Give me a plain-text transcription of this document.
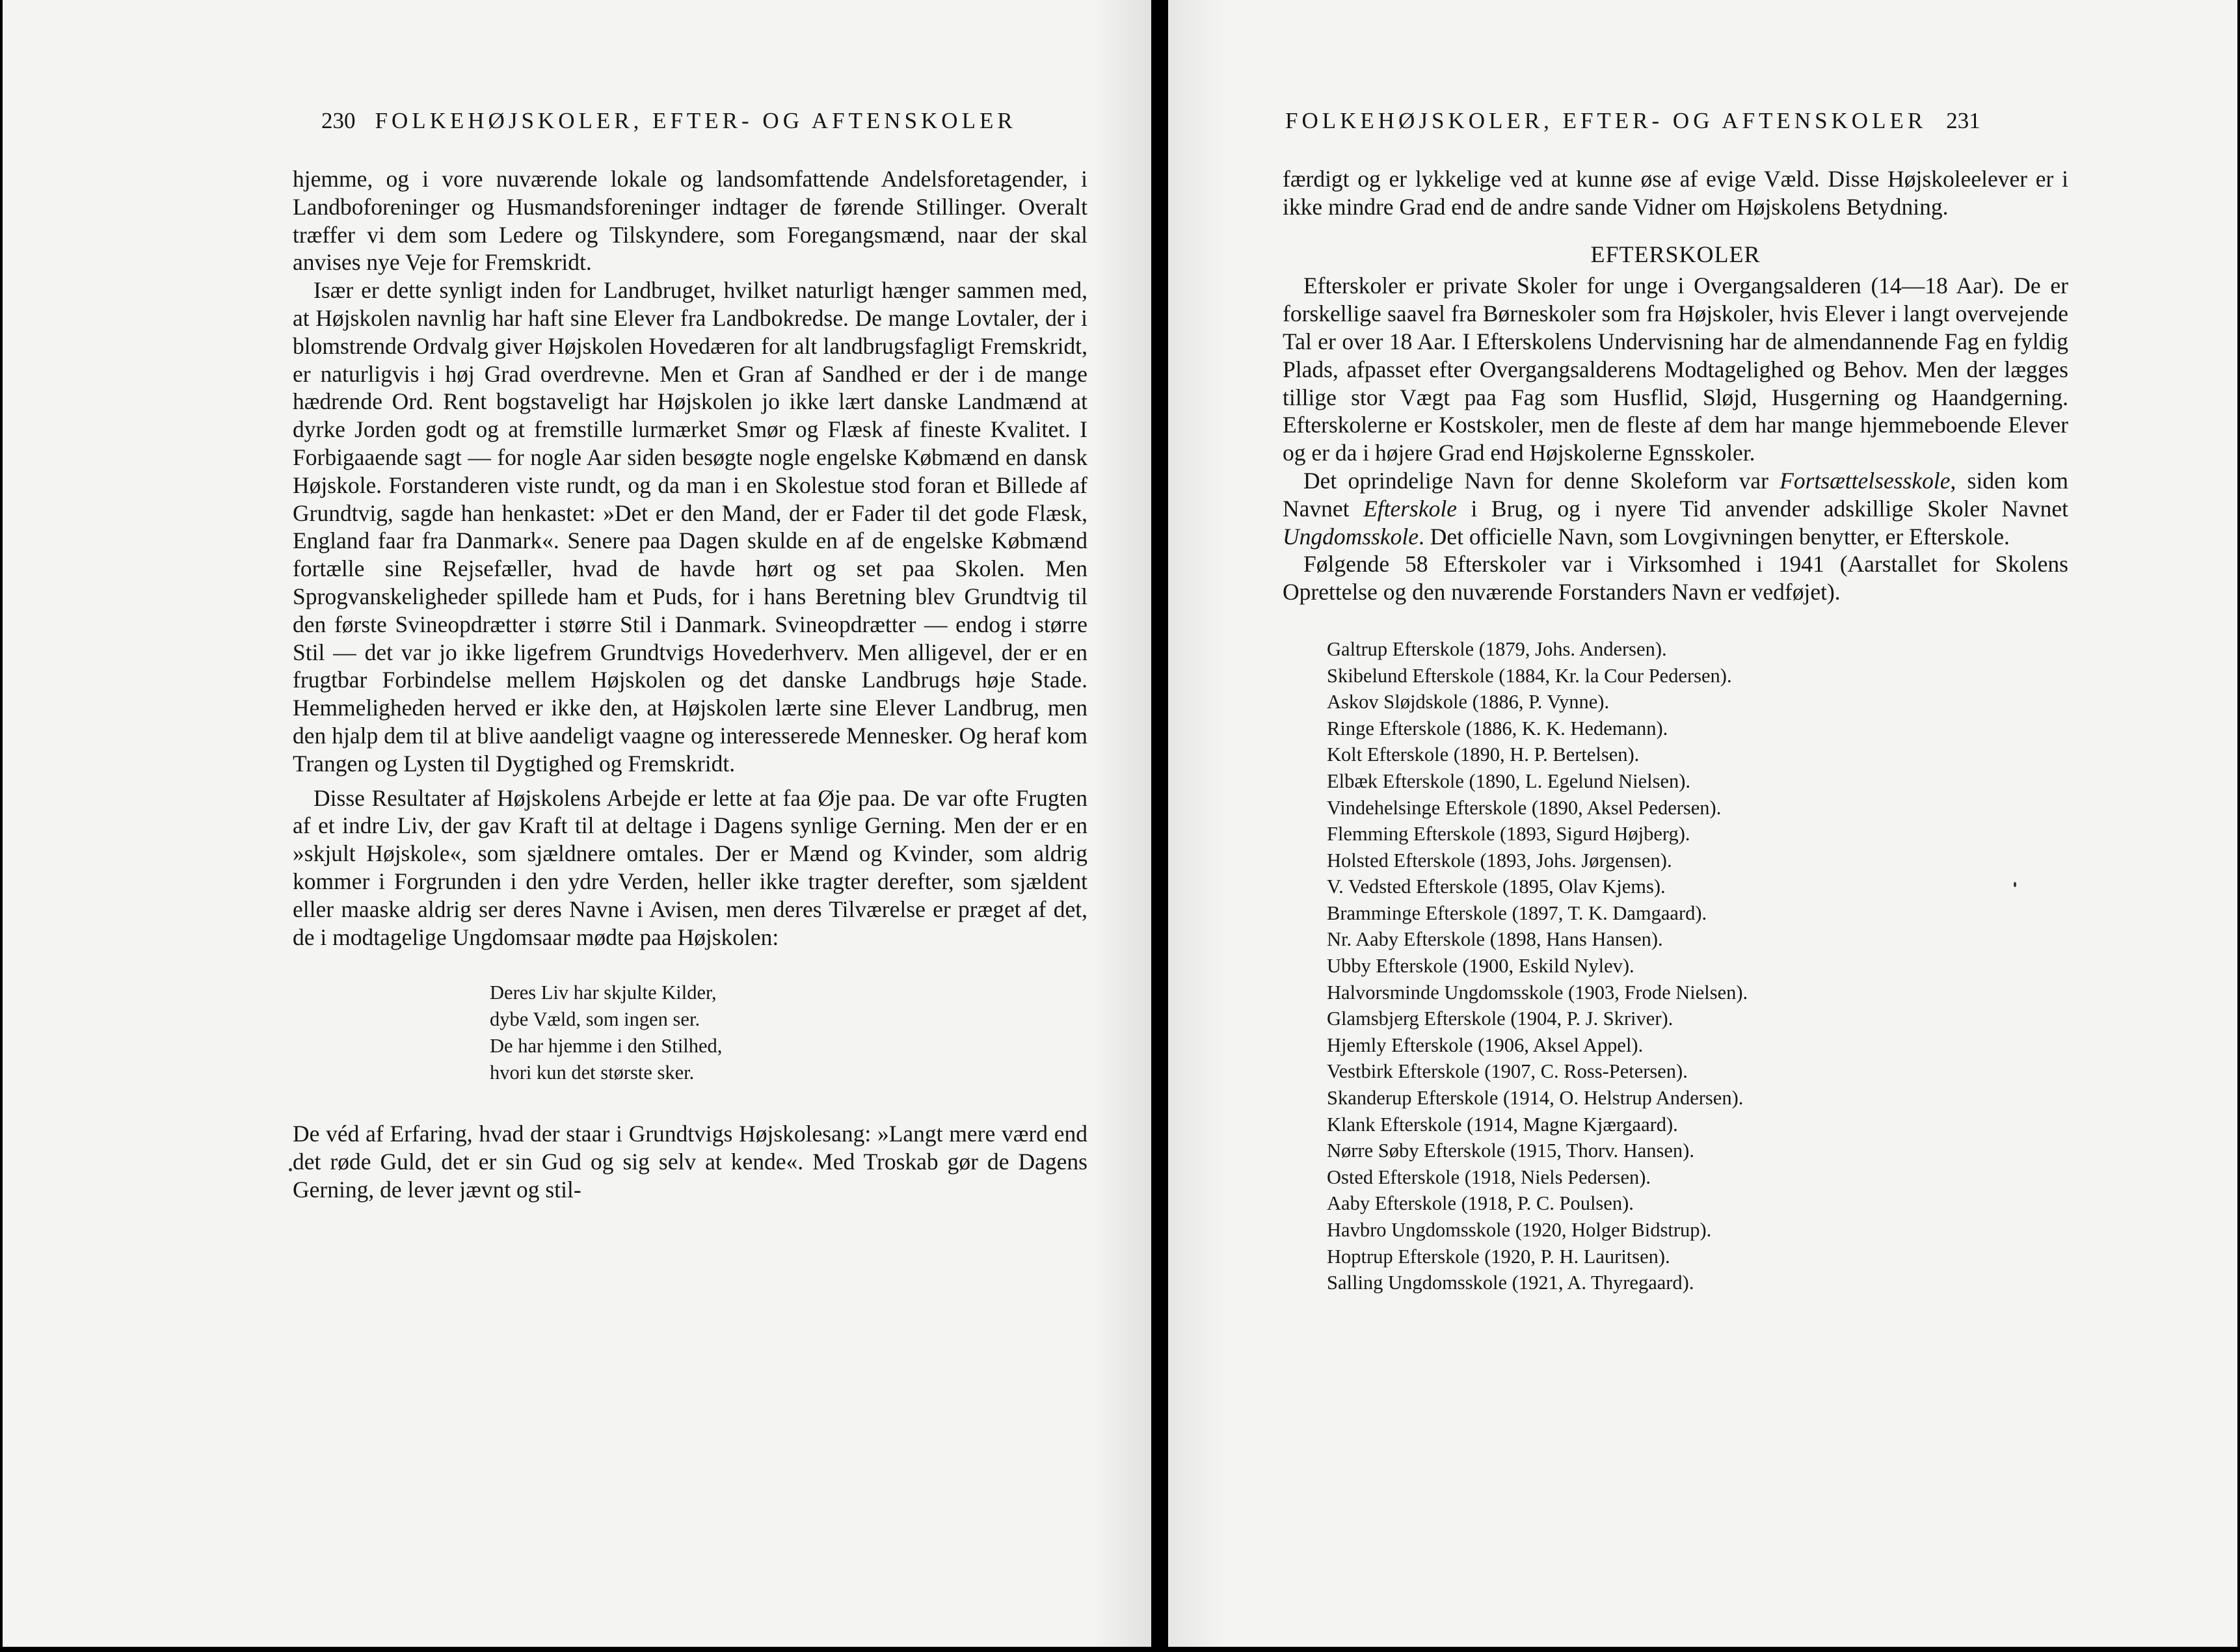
230 FOLKEHØJSKOLER, EFTER- OG AFTENSKOLER

hjemme, og i vore nuværende lokale og landsomfattende Andelsforetagender, i Landboforeninger og Husmandsforeninger indtager de førende Stillinger. Overalt træffer vi dem som Ledere og Tilskyndere, som Foregangsmænd, naar der skal anvises nye Veje for Fremskridt.

Især er dette synligt inden for Landbruget, hvilket naturligt hænger sammen med, at Højskolen navnlig har haft sine Elever fra Landbokredse. De mange Lovtaler, der i blomstrende Ordvalg giver Højskolen Hovedæren for alt landbrugsfagligt Fremskridt, er naturligvis i høj Grad overdrevne. Men et Gran af Sandhed er der i de mange hædrende Ord. Rent bogstaveligt har Højskolen jo ikke lært danske Landmænd at dyrke Jorden godt og at fremstille lurmærket Smør og Flæsk af fineste Kvalitet. I Forbigaaende sagt — for nogle Aar siden besøgte nogle engelske Købmænd en dansk Højskole. Forstanderen viste rundt, og da man i en Skolestue stod foran et Billede af Grundtvig, sagde han henkastet: »Det er den Mand, der er Fader til det gode Flæsk, England faar fra Danmark«. Senere paa Dagen skulde en af de engelske Købmænd fortælle sine Rejsefæller, hvad de havde hørt og set paa Skolen. Men Sprogvanskeligheder spillede ham et Puds, for i hans Beretning blev Grundtvig til den første Svineopdrætter i større Stil i Danmark. Svineopdrætter — endog i større Stil — det var jo ikke ligefrem Grundtvigs Hovederhverv. Men alligevel, der er en frugtbar Forbindelse mellem Højskolen og det danske Landbrugs høje Stade. Hemmeligheden herved er ikke den, at Højskolen lærte sine Elever Landbrug, men den hjalp dem til at blive aandeligt vaagne og interesserede Mennesker. Og heraf kom Trangen og Lysten til Dygtighed og Fremskridt.

Disse Resultater af Højskolens Arbejde er lette at faa Øje paa. De var ofte Frugten af et indre Liv, der gav Kraft til at deltage i Dagens synlige Gerning. Men der er en »skjult Højskole«, som sjældnere omtales. Der er Mænd og Kvinder, som aldrig kommer i Forgrunden i den ydre Verden, heller ikke tragter derefter, som sjældent eller maaske aldrig ser deres Navne i Avisen, men deres Tilværelse er præget af det, de i modtagelige Ungdomsaar mødte paa Højskolen:

Deres Liv har skjulte Kilder,
dybe Væld, som ingen ser.
De har hjemme i den Stilhed,
hvori kun det største sker.

De véd af Erfaring, hvad der staar i Grundtvigs Højskolesang: »Langt mere værd end det røde Guld, det er sin Gud og sig selv at kende«. Med Troskab gør de Dagens Gerning, de lever jævnt og stil-

FOLKEHØJSKOLER, EFTER- OG AFTENSKOLER 231

færdigt og er lykkelige ved at kunne øse af evige Væld. Disse Højskoleelever er i ikke mindre Grad end de andre sande Vidner om Højskolens Betydning.

EFTERSKOLER

Efterskoler er private Skoler for unge i Overgangsalderen (14—18 Aar). De er forskellige saavel fra Børneskoler som fra Højskoler, hvis Elever i langt overvejende Tal er over 18 Aar. I Efterskolens Undervisning har de almendannende Fag en fyldig Plads, afpasset efter Overgangsalderens Modtagelighed og Behov. Men der lægges tillige stor Vægt paa Fag som Husflid, Sløjd, Husgerning og Haandgerning. Efterskolerne er Kostskoler, men de fleste af dem har mange hjemmeboende Elever og er da i højere Grad end Højskolerne Egnsskoler.

Det oprindelige Navn for denne Skoleform var Fortsættelsesskole, siden kom Navnet Efterskole i Brug, og i nyere Tid anvender adskillige Skoler Navnet Ungdomsskole. Det officielle Navn, som Lovgivningen benytter, er Efterskole.

Følgende 58 Efterskoler var i Virksomhed i 1941 (Aarstallet for Skolens Oprettelse og den nuværende Forstanders Navn er vedføjet).

Galtrup Efterskole (1879, Johs. Andersen).
Skibelund Efterskole (1884, Kr. la Cour Pedersen).
Askov Sløjdskole (1886, P. Vynne).
Ringe Efterskole (1886, K. K. Hedemann).
Kolt Efterskole (1890, H. P. Bertelsen).
Elbæk Efterskole (1890, L. Egelund Nielsen).
Vindehelsinge Efterskole (1890, Aksel Pedersen).
Flemming Efterskole (1893, Sigurd Højberg).
Holsted Efterskole (1893, Johs. Jørgensen).
V. Vedsted Efterskole (1895, Olav Kjems).
Bramminge Efterskole (1897, T. K. Damgaard).
Nr. Aaby Efterskole (1898, Hans Hansen).
Ubby Efterskole (1900, Eskild Nylev).
Halvorsminde Ungdomsskole (1903, Frode Nielsen).
Glamsbjerg Efterskole (1904, P. J. Skriver).
Hjemly Efterskole (1906, Aksel Appel).
Vestbirk Efterskole (1907, C. Ross-Petersen).
Skanderup Efterskole (1914, O. Helstrup Andersen).
Klank Efterskole (1914, Magne Kjærgaard).
Nørre Søby Efterskole (1915, Thorv. Hansen).
Osted Efterskole (1918, Niels Pedersen).
Aaby Efterskole (1918, P. C. Poulsen).
Havbro Ungdomsskole (1920, Holger Bidstrup).
Hoptrup Efterskole (1920, P. H. Lauritsen).
Salling Ungdomsskole (1921, A. Thyregaard).
